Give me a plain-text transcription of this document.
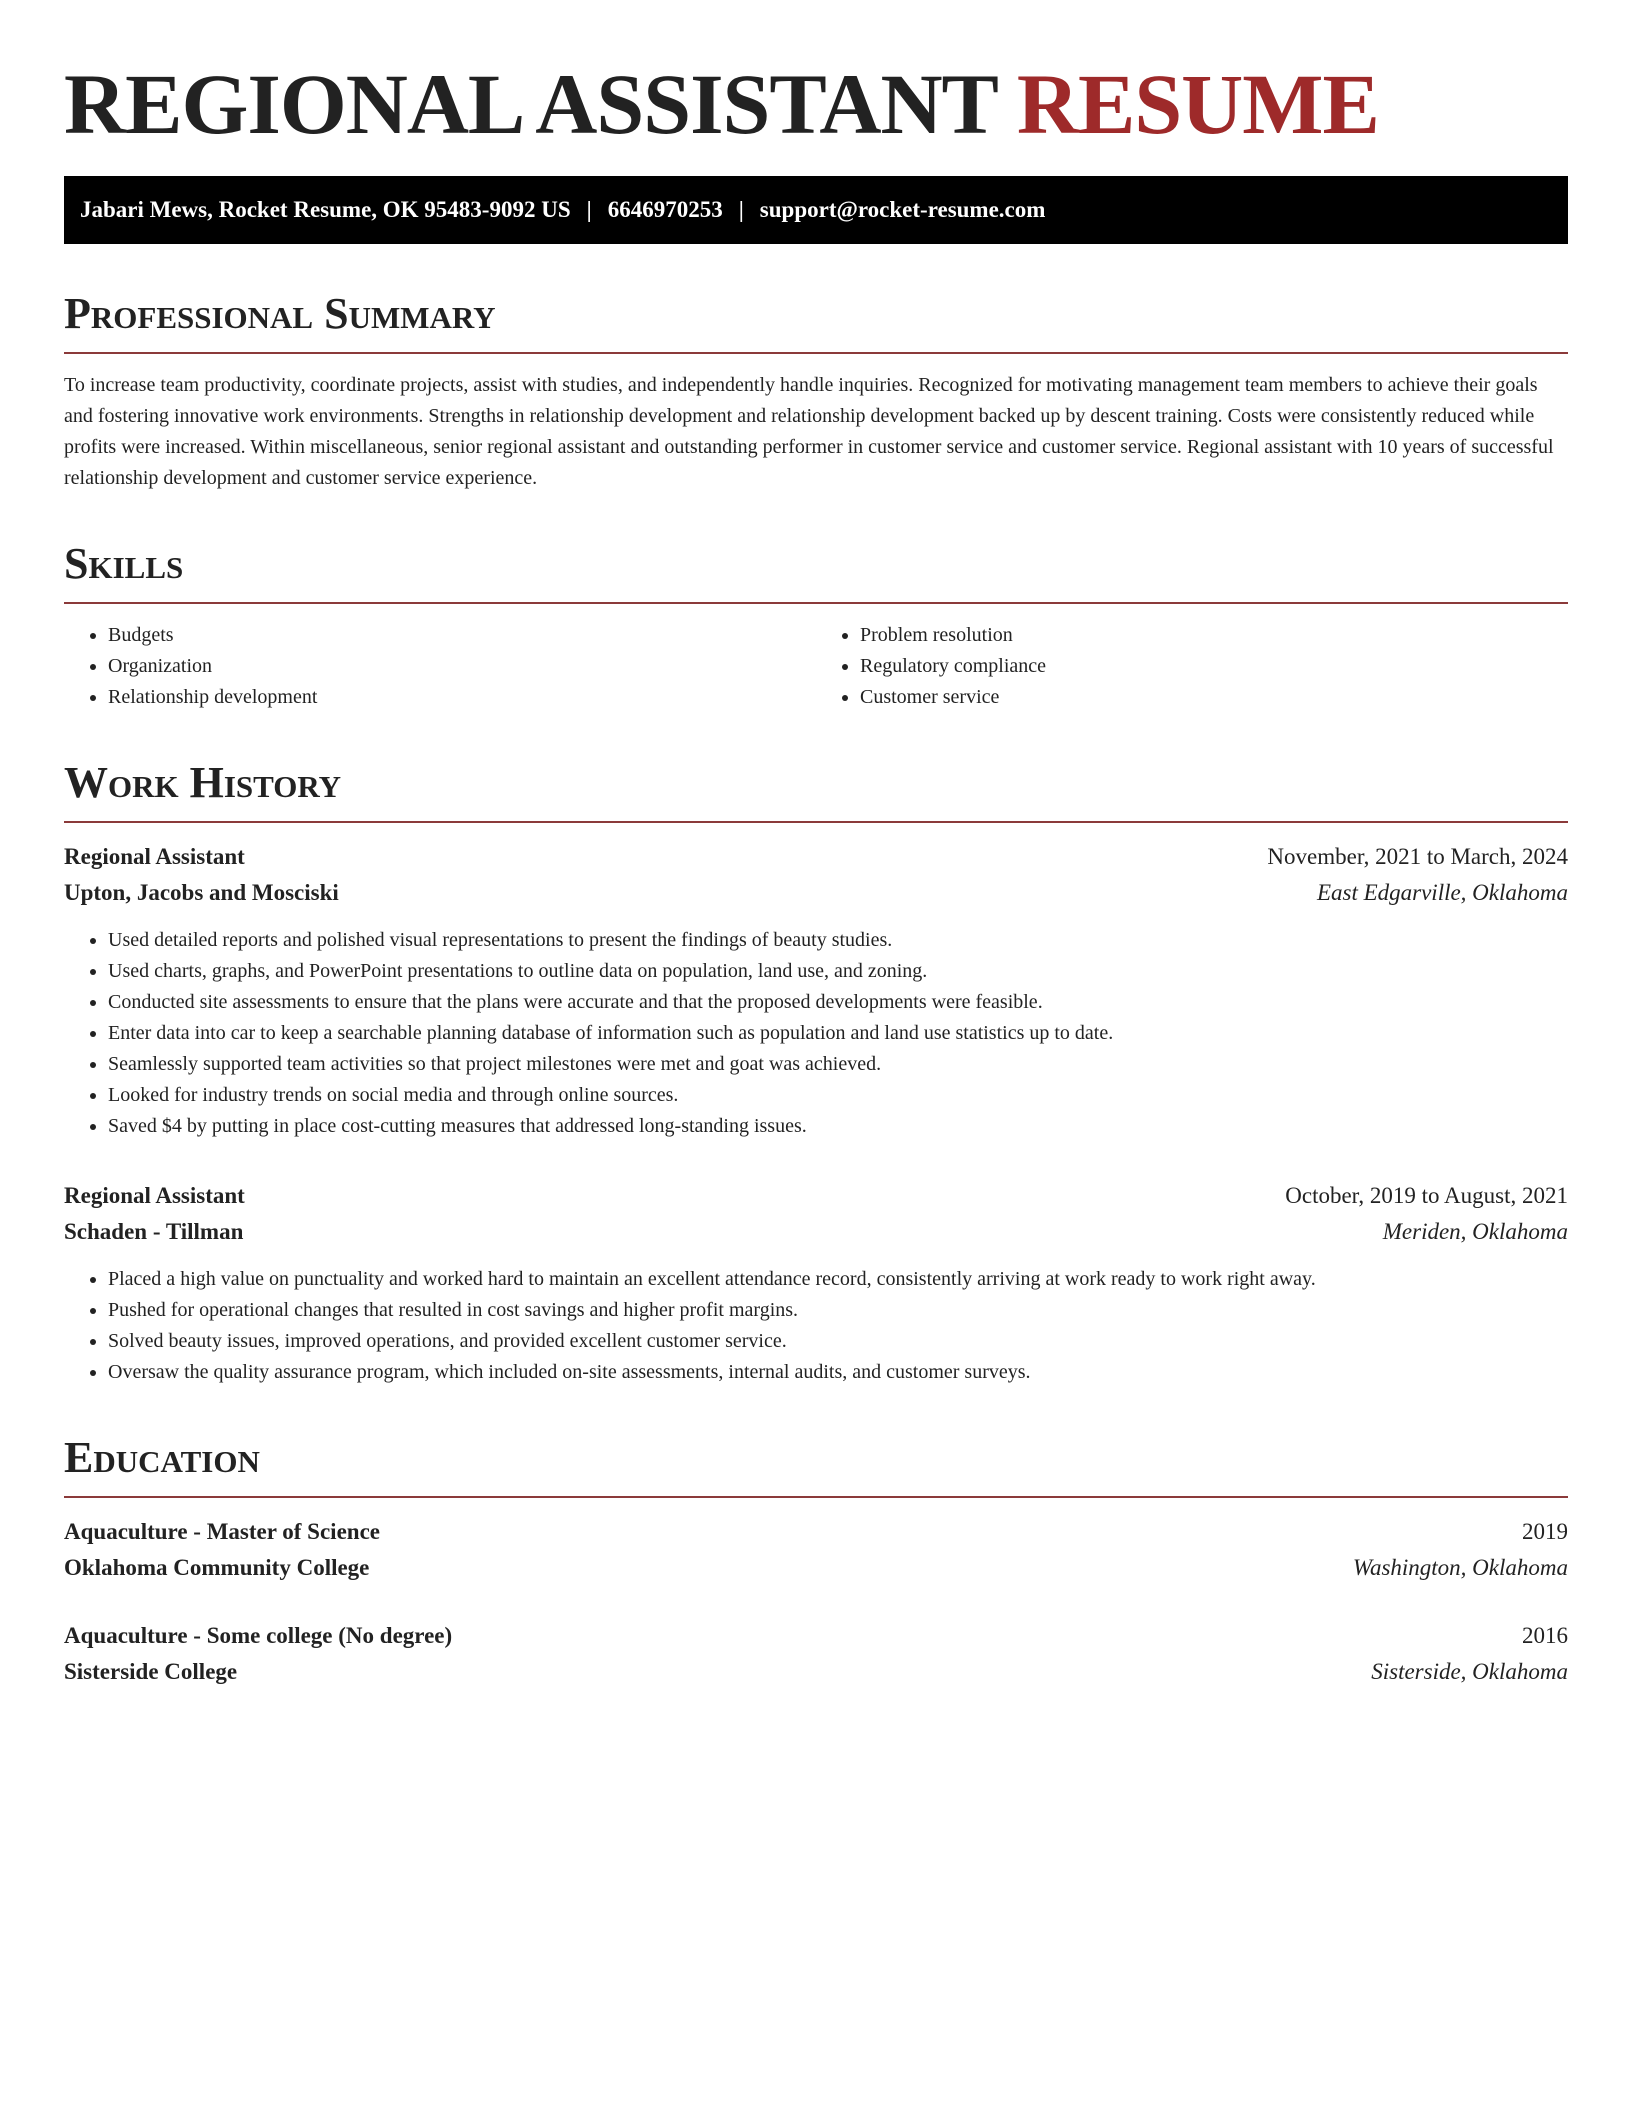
REGIONAL ASSISTANT RESUME
Jabari Mews, Rocket Resume, OK 95483-9092 US | 6646970253 | support@rocket-resume.com
Professional Summary

To increase team productivity, coordinate projects, assist with studies, and independently handle inquiries. Recognized for motivating management team members to achieve their goals and fostering innovative work environments. Strengths in relationship development and relationship development backed up by descent training. Costs were consistently reduced while profits were increased. Within miscellaneous, senior regional assistant and outstanding performer in customer service and customer service. Regional assistant with 10 years of successful relationship development and customer service experience.

Skills
• Budgets
• Organization
• Relationship development
• Problem resolution
• Regulatory compliance
• Customer service
Work History
Regional Assistant	November, 2021 to March, 2024
Upton, Jacobs and Mosciski	East Edgarville, Oklahoma
• Used detailed reports and polished visual representations to present the findings of beauty studies.
• Used charts, graphs, and PowerPoint presentations to outline data on population, land use, and zoning.
• Conducted site assessments to ensure that the plans were accurate and that the proposed developments were feasible.
• Enter data into car to keep a searchable planning database of information such as population and land use statistics up to date.
• Seamlessly supported team activities so that project milestones were met and goat was achieved.
• Looked for industry trends on social media and through online sources.
• Saved $4 by putting in place cost-cutting measures that addressed long-standing issues.
Regional Assistant	October, 2019 to August, 2021
Schaden - Tillman	Meriden, Oklahoma
• Placed a high value on punctuality and worked hard to maintain an excellent attendance record, consistently arriving at work ready to work right away.
• Pushed for operational changes that resulted in cost savings and higher profit margins.
• Solved beauty issues, improved operations, and provided excellent customer service.
• Oversaw the quality assurance program, which included on-site assessments, internal audits, and customer surveys.
Education
Aquaculture - Master of Science	2019
Oklahoma Community College	Washington, Oklahoma
Aquaculture - Some college (No degree)	2016
Sisterside College	Sisterside, Oklahoma
